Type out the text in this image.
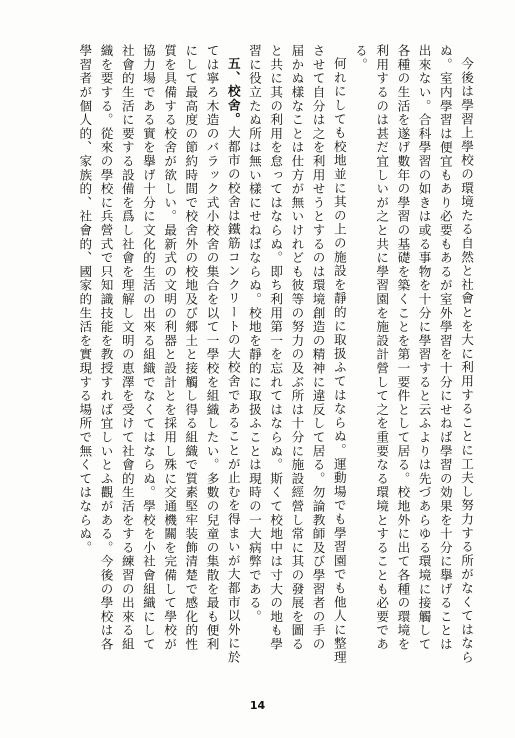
今後は學習上學校の環境たる自然と社會とを大に利用することに工夫し努力する所がなくてはならぬ。室内學習は便宜もあり必要もあるが室外學習を十分にせねば學習の効果を十分に擧げることは出來ない。合科學習の如きは或る事物を十分に學習すると云ふよりは先づあらゆる環境に接觸して各種の生活を遂げ數年の學習の基礎を築くことを第一要件として居る。校地外に出て各種の環境を利用するのは甚だ宜しいが之と共に學習園を施設計營して之を重要なる環境とすることも必要である。

何れにしても校地並に其の上の施設を靜的に取扱ふてはならぬ。運動場でも學習園でも他人に整理させて自分は之を利用せうとするのは環境創造の精神に違反して居る。勿論教師及び學習者の手の届かぬ樣なことは仕方が無いけれども彼等の努力の及ぶ所は十分に施設經營し常に其の發展を圖ると共に其の利用を怠ってはならぬ。即ち利用第一を忘れてはならぬ。斯くて校地中は寸大の地も學習に役立たぬ所は無い樣にせねばならぬ。校地を靜的に取扱ふことは現時の一大病弊である。

五、校舍。大都市の校舍は鐵筋コンクリートの大校舍であることが止むを得まいが大都市以外に於ては寧ろ木造のバラック式小校舍の集合を以て一學校を組織したい。多數の兒童の集散を最も便利にして最高度の節約時間で校舍外の校地及び郷土と接觸し得る組織で質素堅牢装飾清楚で感化的性質を具備する校舍が欲しい。最新式の文明の利器と設計とを採用し殊に交通機關を完備して學校が協力場である實を擧げ十分に文化的生活の出來る組織でなくてはならぬ。學校を小社會組織にして社會的生活に要する設備を爲し社會を理解し文明の恵澤を受けて社會的生活をする練習の出來る組織を要する。從來の學校に兵營式で只知識技能を教授すれば宜しいとふ觀がある。今後の學校は各學習者が個人的、家族的、社會的、國家的生活を實現する場所で無くてはならぬ。

14
